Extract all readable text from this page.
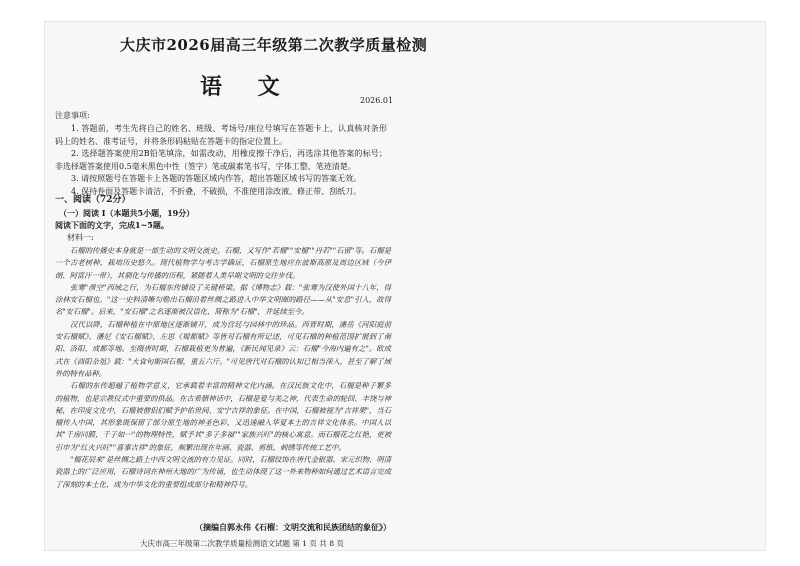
大庆市2026届高三年级第二次教学质量检测
语 文
2026.01
注意事项:

1. 答题前，考生先将自己的姓名、班级、考场号/座位号填写在答题卡上，认真核对条形码上的姓名、准考证号，并将条形码粘贴在答题卡的指定位置上。

2. 选择题答案使用2B铅笔填涂，如需改动，用橡皮擦干净后，再选涂其他答案的标号；非选择题答案使用0.5毫米黑色中性（签字）笔或碳素笔书写，字体工整、笔迹清楚。

3. 请按照题号在答题卡上各题的答题区域内作答，超出答题区域书写的答案无效。

4. 保持卷面及答题卡清洁，不折叠，不破损，不准使用涂改液、修正带、刮纸刀。

一、阅读（72分）
（一）阅读 I（本题共5小题，19分）
阅读下面的文字，完成1~5题。
材料一:

石榴的传播史本身就是一部生动的文明交流史。石榴，又写作"若榴""安榴""丹若""石留"等。石榴是一个古老树种，栽培历史悠久。现代植物学与考古学确证，石榴原生地应在波斯高原及周边区域（今伊朗、阿富汗一带），其驯化与传播的历程，紧随着人类早期文明的交往步伐。

张骞"凿空"西域之行，为石榴东传铺设了关键桥梁。据《博物志》载："张骞为汉使外国十八年，得涂林安石榴也。"这一史料清晰勾勒出石榴沿着丝绸之路进入中华文明圈的路径——从"安息"引入，故得名"安石榴"。后来，"安石榴"之名逐渐被汉语化，简称为"石榴"，并延续至今。

汉代以降，石榴种植在中原地区逐渐铺开，成为宫廷与园林中的珍品。西晋时期，潘岳《河阳庭前安石榴赋》、潘尼《安石榴赋》、左思《蜀都赋》等皆对石榴有所记述，可见石榴的种植范围扩展到了南阳、洛阳、成都等地。至隋唐时期，石榴栽植更为普遍，《新民闻见录》云：石榴"今海内遍有之"。欧成式在《酉阳杂俎》载："大食旬斯国石榴，重五六斤。"可见唐代对石榴的认知已相当深入，甚至了解了域外的特有品种。

石榴的东传超越了植物学意义，它承载着丰富的精神文化内涵。在汉民族文化中，石榴是种子繁多的植物，也是宗教仪式中重要的供品。在古希腊神话中，石榴是爱与美之神，代表生命的轮回、丰饶与神秘，在印度文化中，石榴被僧侣们赋予护佑世间、安宁吉祥的象征。在中国，石榴被视为"吉祥果"，当石榴传入中国，其形象既保留了部分原生地的神圣色彩，又迅速融入华夏本土的吉祥文化体系。中国人以其"千房同膜，千子如一"的物理特性，赋予其"多子多福""家族兴旺"的核心寓意。而石榴花之红艳，更被引申为"红火兴旺""喜事吉祥"的象征，频繁出现在年画、瓷器、剪纸、刺绣等传统工艺中。

"榴花辰来"是丝绸之路上中西文明交流的有力见证。同时，石榴纹饰在唐代金银器、宋元织物、明清瓷器上的广泛应用，石榴诗词在神州大地的广为传诵，也生动体现了这一外来物种如何通过艺术语言完成了深刻的本土化，成为中华文化的重要组成部分和精神符号。

（摘编自郭永伟《石榴：文明交流和民族团结的象征》）
大庆市高三年级第二次教学质量检测语文试题 第 1 页 共 8 页
